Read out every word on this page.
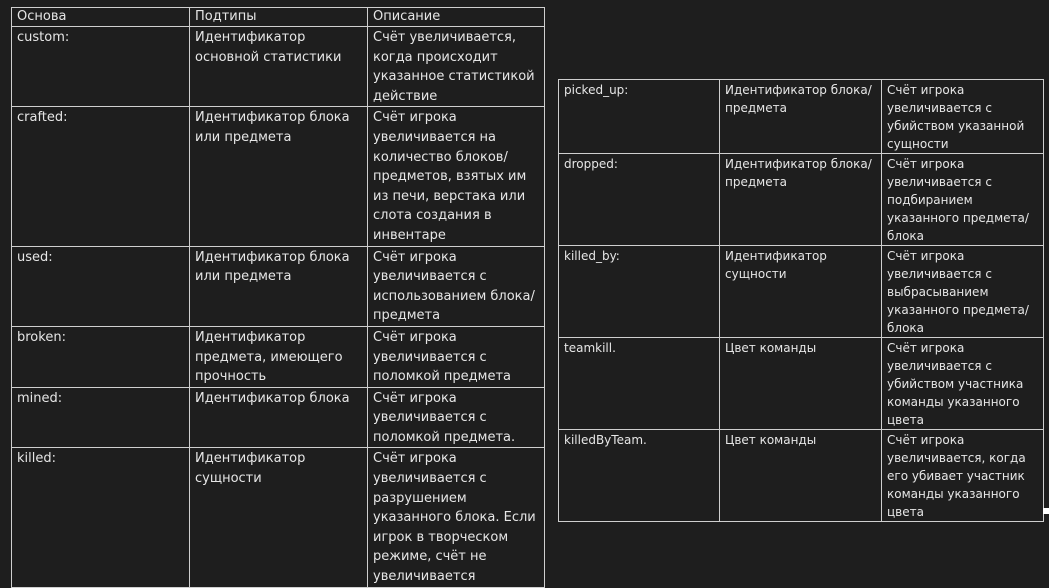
Основа	Подтипы	Описание
custom:	Идентификатор основной статистики	Счёт увеличивается, когда происходит указанное статистикой действие
crafted:	Идентификатор блока или предмета	Счёт игрока увеличивается на количество блоков/предметов, взятых им из печи, верстака или слота создания в инвентаре
used:	Идентификатор блока или предмета	Счёт игрока увеличивается с использованием блока/предмета
broken:	Идентификатор предмета, имеющего прочность	Счёт игрока увеличивается с поломкой предмета
mined:	Идентификатор блока	Счёт игрока увеличивается с поломкой предмета.
killed:	Идентификатор сущности	Счёт игрока увеличивается с разрушением указанного блока. Если игрок в творческом режиме, счёт не увеличивается
picked_up:	Идентификатор блока/предмета	Счёт игрока увеличивается с убийством указанной сущности
dropped:	Идентификатор блока/предмета	Счёт игрока увеличивается с подбиранием указанного предмета/блока
killed_by:	Идентификатор сущности	Счёт игрока увеличивается с выбрасыванием указанного предмета/блока
teamkill.	Цвет команды	Счёт игрока увеличивается с убийством участника команды указанного цвета
killedByTeam.	Цвет команды	Счёт игрока увеличивается, когда его убивает участник команды указанного цвета
